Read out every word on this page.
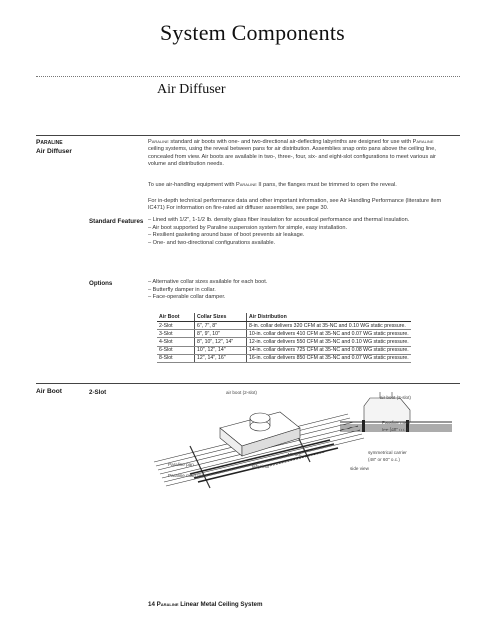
System Components
Air Diffuser
Paraline
Air Diffuser
Paraline standard air boots with one- and two-directional air-deflecting labyrinths are designed for use with Paraline ceiling systems, using the reveal between pans for air distribution. Assemblies snap onto pans above the ceiling line, concealed from view. Air boots are available in two-, three-, four, six- and eight-slot configurations to meet various air volume and distribution needs.
To use air-handling equipment with Paraline II pans, the flanges must be trimmed to open the reveal.
For in-depth technical performance data and other important information, see Air Handling Performance (literature item IC471) For information on fire-rated air diffuser assemblies, see page 30.
Standard Features – Lined with 1/2", 1-1/2 lb. density glass fiber insulation for acoustical performance and thermal insulation.
– Air boot supported by Paraline suspension system for simple, easy installation.
– Resilient gasketing around base of boot prevents air leakage.
– One- and two-directional configurations available.
Options	– Alternative collar sizes available for each boot.
– Butterfly damper in collar.
– Face-operable collar damper.
Air Boot	Collar Sizes	Air Distribution
2-Slot	6", 7", 8"	8-in. collar delivers 320 CFM at 35-NC and 0.10 WG static pressure.
3-Slot	8", 9", 10"	10-in. collar delivers 410 CFM at 35-NC and 0.07 WG static pressure.
4-Slot	8", 10", 12", 14"	12-in. collar delivers 550 CFM at 35-NC and 0.10 WG static pressure.
6-Slot	10", 12", 14"	14-in. collar delivers 725 CFM at 35-NC and 0.08 WG static pressure.
8-Slot	12", 14", 16"	16-in. collar delivers 850 CFM at 35-NC and 0.07 WG static pressure.
Air Boot	2-Slot	air boot (2-slot)
Paraline pan
Paraline main tee
labyrinth
48" o.c.
air boot (2-slot)
Paraline main
tee (48" o.c.)
symmetrical carrier
(48" or 60" o.c.)
side view
14 Paraline Linear Metal Ceiling System
